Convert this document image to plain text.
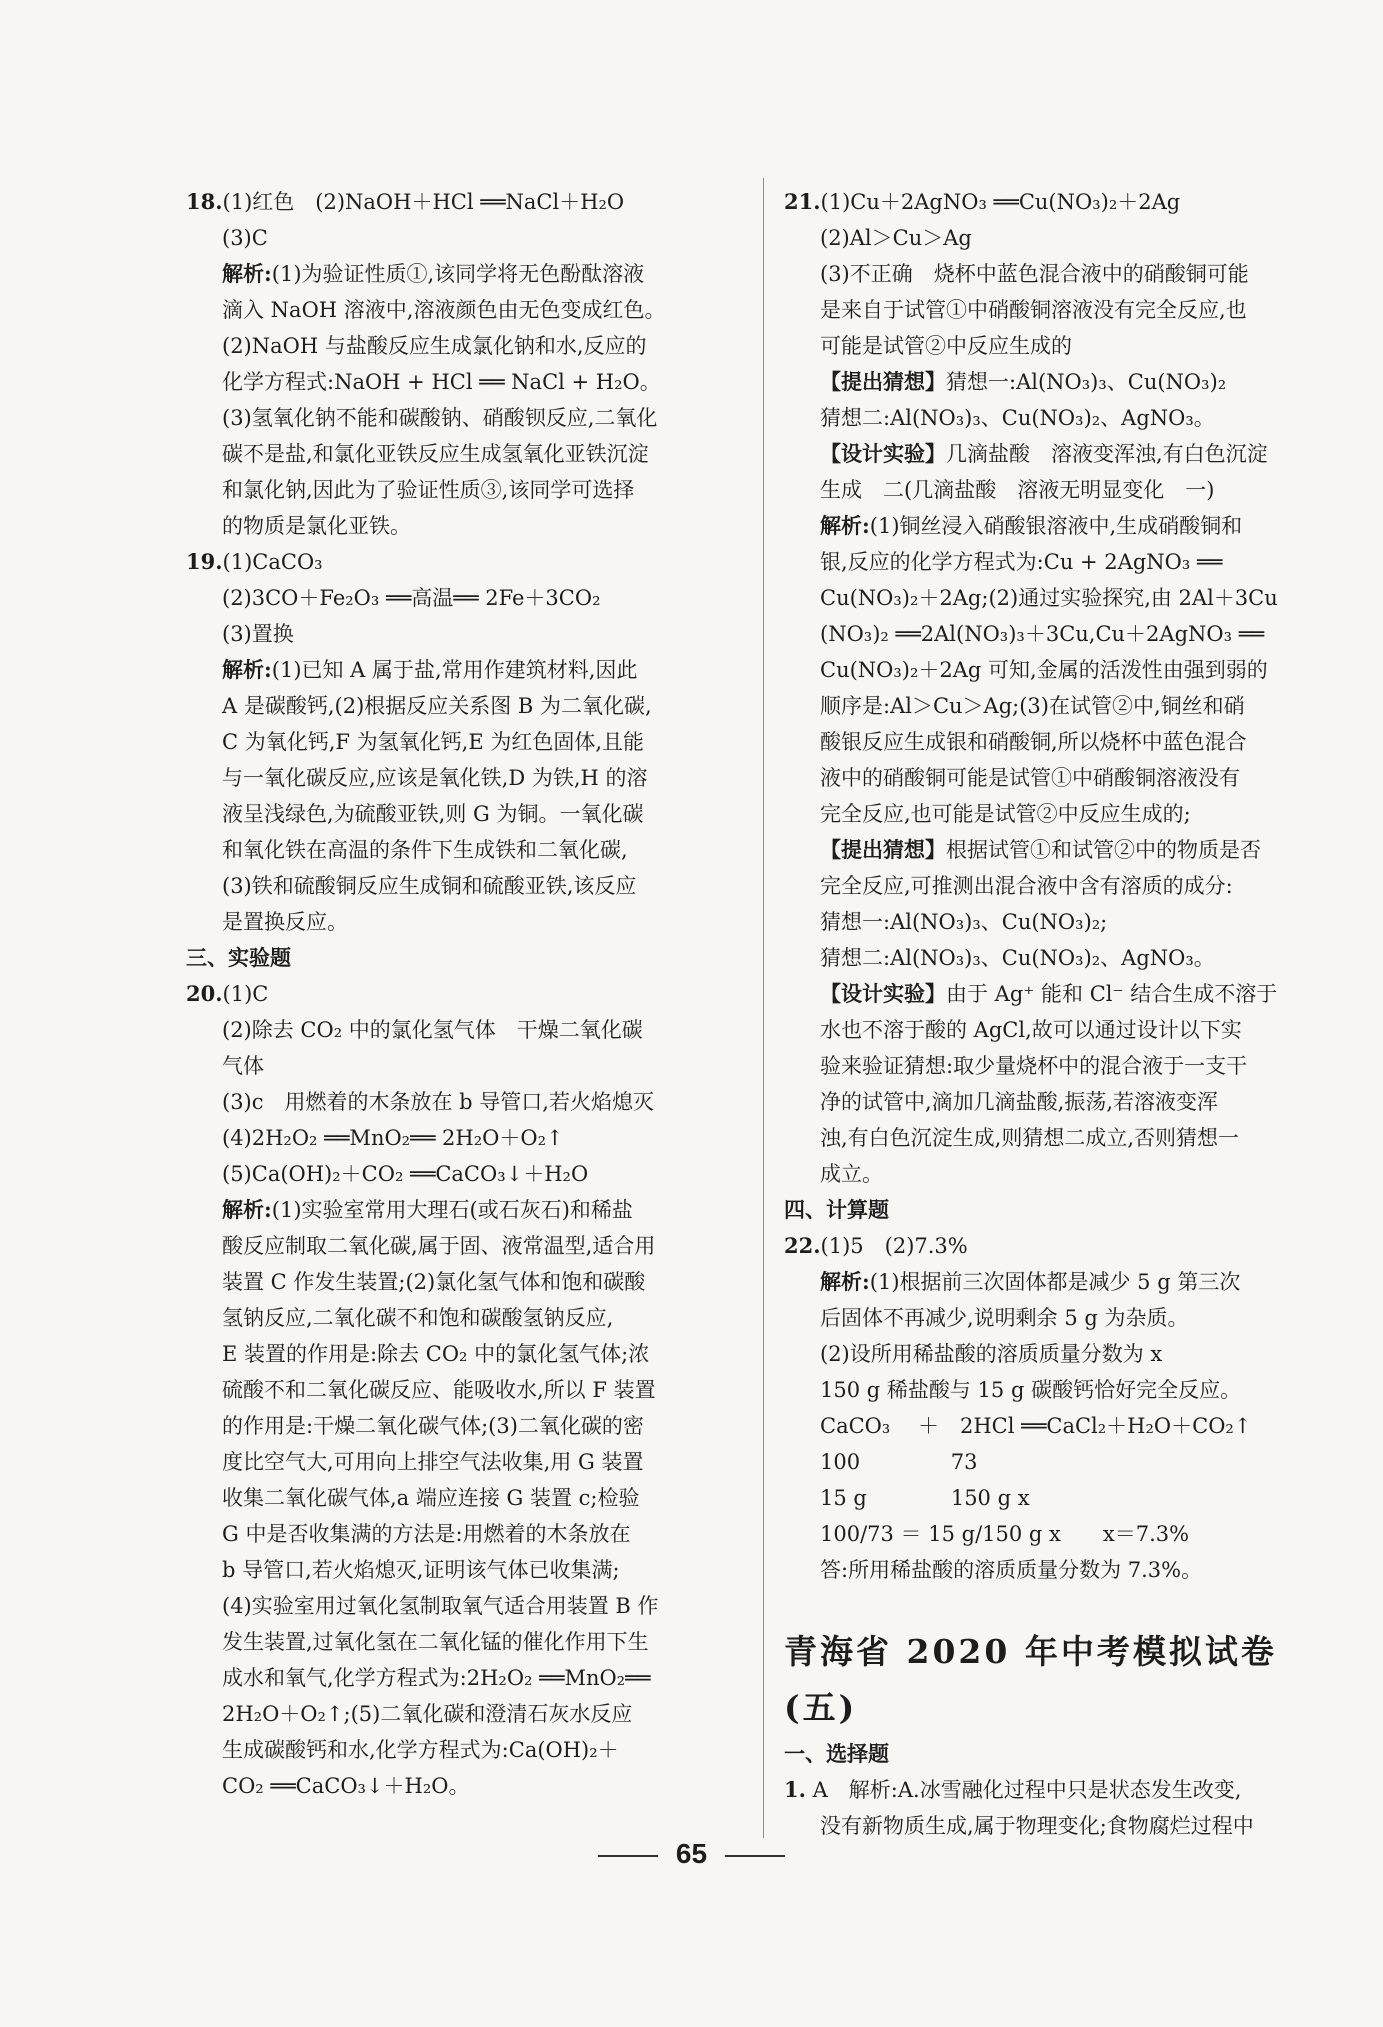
18.(1)红色　(2)NaOH＋HCl ══NaCl＋H₂O
(3)C
解析:(1)为验证性质①,该同学将无色酚酞溶液
滴入 NaOH 溶液中,溶液颜色由无色变成红色。
(2)NaOH 与盐酸反应生成氯化钠和水,反应的
化学方程式:NaOH + HCl ══ NaCl + H₂O。
(3)氢氧化钠不能和碳酸钠、硝酸钡反应,二氧化
碳不是盐,和氯化亚铁反应生成氢氧化亚铁沉淀
和氯化钠,因此为了验证性质③,该同学可选择
的物质是氯化亚铁。
19.(1)CaCO₃
(2)3CO＋Fe₂O₃ ══高温══ 2Fe＋3CO₂
(3)置换
解析:(1)已知 A 属于盐,常用作建筑材料,因此
A 是碳酸钙,(2)根据反应关系图 B 为二氧化碳,
C 为氧化钙,F 为氢氧化钙,E 为红色固体,且能
与一氧化碳反应,应该是氧化铁,D 为铁,H 的溶
液呈浅绿色,为硫酸亚铁,则 G 为铜。一氧化碳
和氧化铁在高温的条件下生成铁和二氧化碳,
(3)铁和硫酸铜反应生成铜和硫酸亚铁,该反应
是置换反应。
三、实验题
20.(1)C
(2)除去 CO₂ 中的氯化氢气体　干燥二氧化碳
气体
(3)c　用燃着的木条放在 b 导管口,若火焰熄灭
(4)2H₂O₂ ══MnO₂══ 2H₂O＋O₂↑
(5)Ca(OH)₂＋CO₂ ══CaCO₃↓＋H₂O
解析:(1)实验室常用大理石(或石灰石)和稀盐
酸反应制取二氧化碳,属于固、液常温型,适合用
装置 C 作发生装置;(2)氯化氢气体和饱和碳酸
氢钠反应,二氧化碳不和饱和碳酸氢钠反应,
E 装置的作用是:除去 CO₂ 中的氯化氢气体;浓
硫酸不和二氧化碳反应、能吸收水,所以 F 装置
的作用是:干燥二氧化碳气体;(3)二氧化碳的密
度比空气大,可用向上排空气法收集,用 G 装置
收集二氧化碳气体,a 端应连接 G 装置 c;检验
G 中是否收集满的方法是:用燃着的木条放在
b 导管口,若火焰熄灭,证明该气体已收集满;
(4)实验室用过氧化氢制取氧气适合用装置 B 作
发生装置,过氧化氢在二氧化锰的催化作用下生
成水和氧气,化学方程式为:2H₂O₂ ══MnO₂══
2H₂O＋O₂↑;(5)二氧化碳和澄清石灰水反应
生成碳酸钙和水,化学方程式为:Ca(OH)₂＋
CO₂ ══CaCO₃↓＋H₂O。
21.(1)Cu＋2AgNO₃ ══Cu(NO₃)₂＋2Ag
(2)Al＞Cu＞Ag
(3)不正确　烧杯中蓝色混合液中的硝酸铜可能
是来自于试管①中硝酸铜溶液没有完全反应,也
可能是试管②中反应生成的
【提出猜想】猜想一:Al(NO₃)₃、Cu(NO₃)₂
猜想二:Al(NO₃)₃、Cu(NO₃)₂、AgNO₃。
【设计实验】几滴盐酸　溶液变浑浊,有白色沉淀
生成　二(几滴盐酸　溶液无明显变化　一)
解析:(1)铜丝浸入硝酸银溶液中,生成硝酸铜和
银,反应的化学方程式为:Cu + 2AgNO₃ ══
Cu(NO₃)₂＋2Ag;(2)通过实验探究,由 2Al＋3Cu
(NO₃)₂ ══2Al(NO₃)₃＋3Cu,Cu＋2AgNO₃ ══
Cu(NO₃)₂＋2Ag 可知,金属的活泼性由强到弱的
顺序是:Al＞Cu＞Ag;(3)在试管②中,铜丝和硝
酸银反应生成银和硝酸铜,所以烧杯中蓝色混合
液中的硝酸铜可能是试管①中硝酸铜溶液没有
完全反应,也可能是试管②中反应生成的;
【提出猜想】根据试管①和试管②中的物质是否
完全反应,可推测出混合液中含有溶质的成分:
猜想一:Al(NO₃)₃、Cu(NO₃)₂;
猜想二:Al(NO₃)₃、Cu(NO₃)₂、AgNO₃。
【设计实验】由于 Ag⁺ 能和 Cl⁻ 结合生成不溶于
水也不溶于酸的 AgCl,故可以通过设计以下实
验来验证猜想:取少量烧杯中的混合液于一支干
净的试管中,滴加几滴盐酸,振荡,若溶液变浑
浊,有白色沉淀生成,则猜想二成立,否则猜想一
成立。
四、计算题
22.(1)5　(2)7.3%
解析:(1)根据前三次固体都是减少 5 g 第三次
后固体不再减少,说明剩余 5 g 为杂质。
(2)设所用稀盐酸的溶质质量分数为 x
150 g 稀盐酸与 15 g 碳酸钙恰好完全反应。
CaCO₃　 ＋　2HCl ══CaCl₂＋H₂O＋CO₂↑
100　　　　 73
15 g　　　　150 g x
100/73 ＝ 15 g/150 g x　　x＝7.3%
答:所用稀盐酸的溶质质量分数为 7.3%。
青海省 2020 年中考模拟试卷(五)
一、选择题
1. A　解析:A.冰雪融化过程中只是状态发生改变,
没有新物质生成,属于物理变化;食物腐烂过程中
65
